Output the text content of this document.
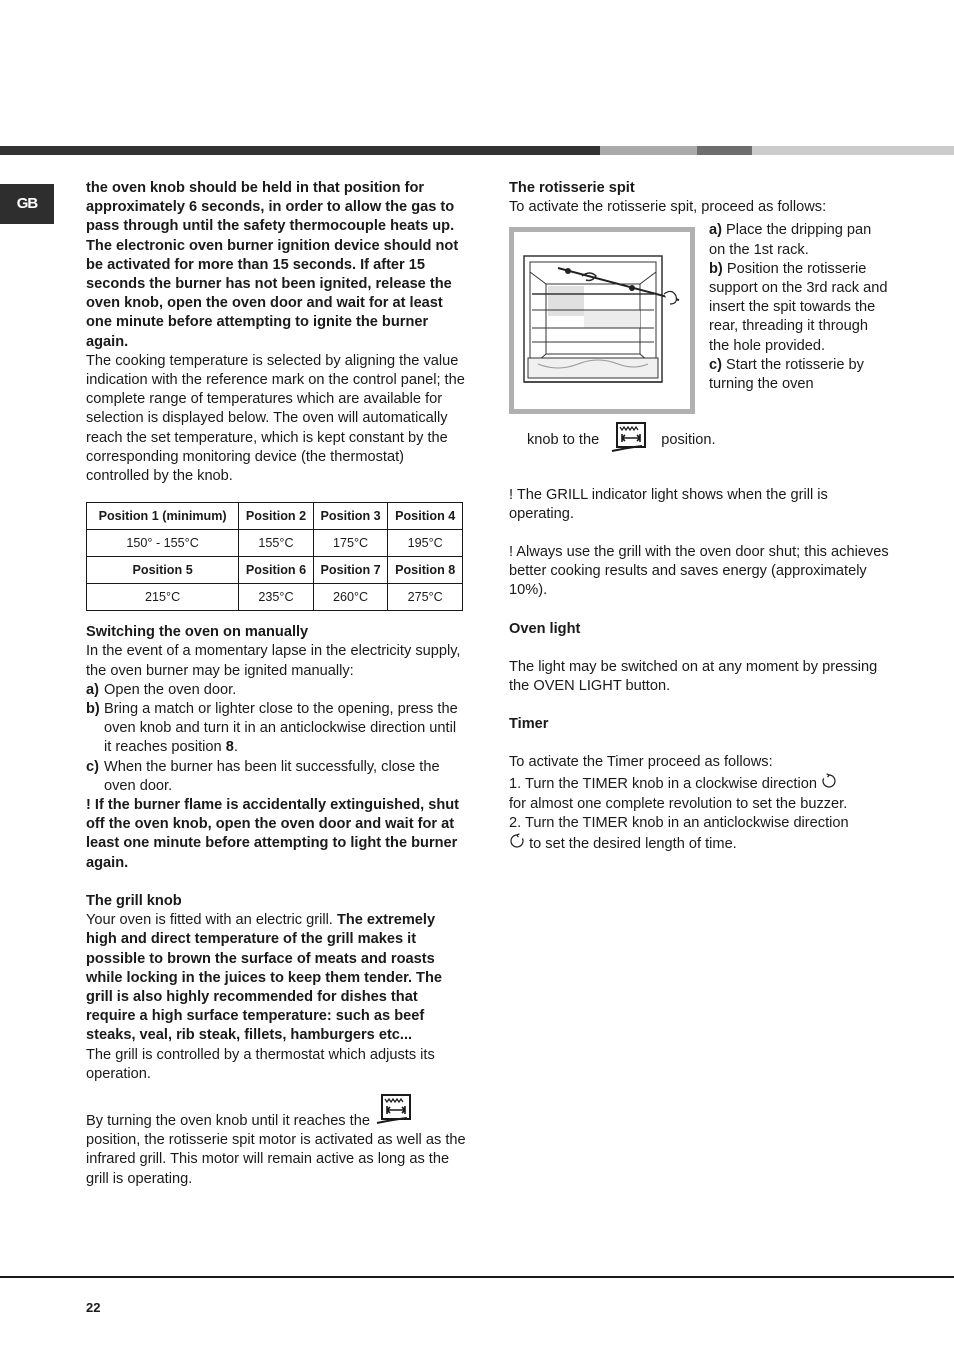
GB

the oven knob should be held in that position for approximately 6 seconds, in order to allow the gas to pass through until the safety thermocouple heats up. The electronic oven burner ignition device should not be activated for more than 15 seconds. If after 15 seconds the burner has not been ignited, release the oven knob, open the oven door and wait for at least one minute before attempting to ignite the burner again.

The cooking temperature is selected by aligning the value indication with the reference mark on the control panel; the complete range of temperatures which are available for selection is displayed below. The oven will automatically reach the set temperature, which is kept constant by the corresponding monitoring device (the thermostat) controlled by the knob.

Position 1 (minimum)	Position 2	Position 3	Position 4
150° - 155°C	155°C	175°C	195°C
Position 5	Position 6	Position 7	Position 8
215°C	235°C	260°C	275°C

Switching the oven on manually

In the event of a momentary lapse in the electricity supply, the oven burner may be ignited manually:

a) Open the oven door.
b) Bring a match or lighter close to the opening, press the oven knob and turn it in an anticlockwise direction until it reaches position 8.
c) When the burner has been lit successfully, close the oven door.

! If the burner flame is accidentally extinguished, shut off the oven knob, open the oven door and wait for at least one minute before attempting to light the burner again.

The grill knob

Your oven is fitted with an electric grill. The extremely high and direct temperature of the grill makes it possible to brown the surface of meats and roasts while locking in the juices to keep them tender. The grill is also highly recommended for dishes that require a high surface temperature: such as beef steaks, veal, rib steak, fillets, hamburgers etc...

The grill is controlled by a thermostat which adjusts its operation.

By turning the oven knob until it reaches the

position, the rotisserie spit motor is activated as well as the infrared grill. This motor will remain active as long as the grill is operating.

The rotisserie spit

To activate the rotisserie spit, proceed as follows:

a) Place the dripping pan on the 1st rack.

b) Position the rotisserie support on the 3rd rack and insert the spit towards the rear, threading it through the hole provided.

c) Start the rotisserie by turning the oven

knob to the	position.

! The GRILL indicator light shows when the grill is operating.

! Always use the grill with the oven door shut; this achieves better cooking results and saves energy (approximately 10%).

Oven light

The light may be switched on at any moment by pressing the OVEN LIGHT button.

Timer

To activate the Timer proceed as follows:

1. Turn the TIMER knob in a clockwise direction

for almost one complete revolution to set the buzzer.

2. Turn the TIMER knob in an anticlockwise direction

to set the desired length of time.

22
